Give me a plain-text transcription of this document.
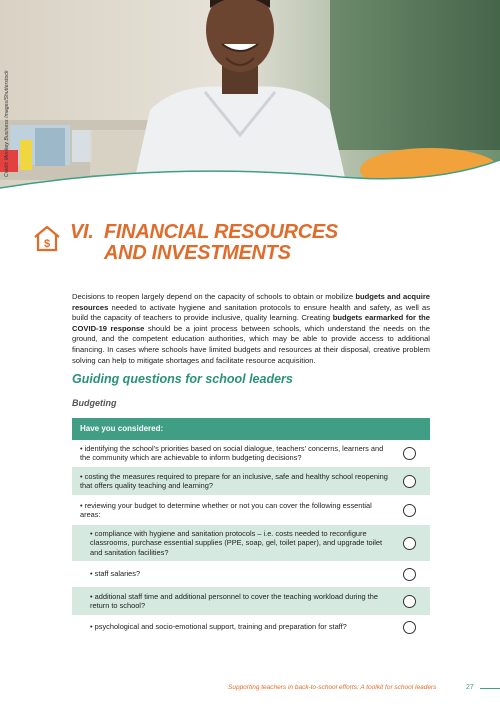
Credit: Monkey Business Images/Shutterstock
$
VI. FINANCIAL RESOURCES
AND INVESTMENTS
Decisions to reopen largely depend on the capacity of schools to obtain or mobilize budgets and acquire resources needed to activate hygiene and sanitation protocols to ensure health and safety, as well as build the capacity of teachers to provide inclusive, quality learning. Creating budgets earmarked for the COVID-19 response should be a joint process between schools, which understand the needs on the ground, and the competent education authorities, which may be able to provide access to additional financing. In cases where schools have limited budgets and resources at their disposal, creative problem solving can help to mitigate shortages and facilitate resource acquisition.
Guiding questions for school leaders
Budgeting
Have you considered:
• identifying the school's priorities based on social dialogue, teachers' concerns, learners and the community which are achievable to inform budgeting decisions?
• costing the measures required to prepare for an inclusive, safe and healthy school reopening that offers quality teaching and learning?
• reviewing your budget to determine whether or not you can cover the following essential areas:
• compliance with hygiene and sanitation protocols – i.e. costs needed to reconfigure classrooms, purchase essential supplies (PPE, soap, gel, toilet paper), and upgrade toilet and sanitation facilities?
• staff salaries?
• additional staff time and additional personnel to cover the teaching workload during the return to school?
• psychological and socio-emotional support, training and preparation for staff?
Supporting teachers in back-to-school efforts: A toolkit for school leaders	27
